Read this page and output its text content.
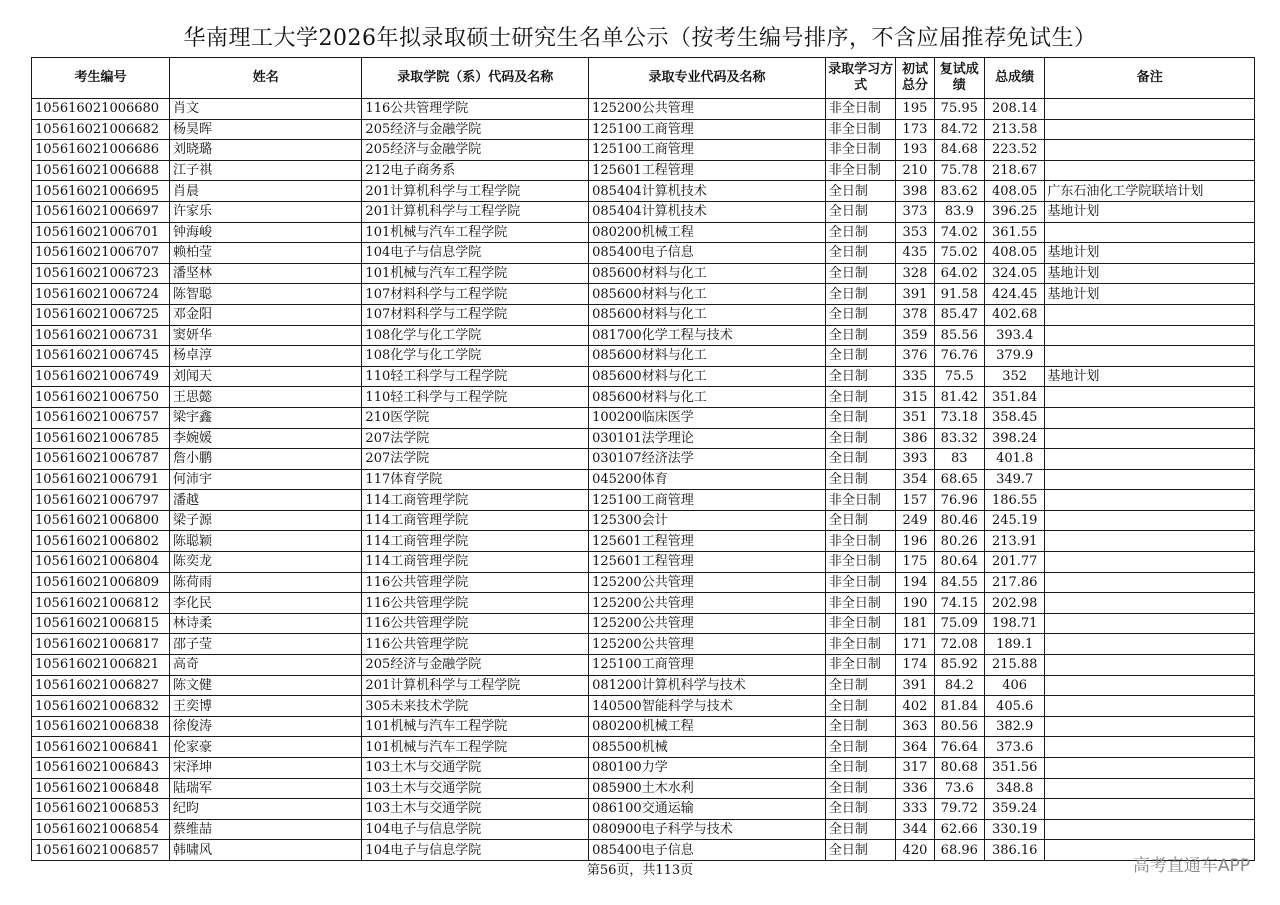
华南理工大学2026年拟录取硕士研究生名单公示（按考生编号排序，不含应届推荐免试生）
考生编号	姓名	录取学院（系）代码及名称	录取专业代码及名称	录取学习方式	初试总分	复试成绩	总成绩	备注
105616021006680	肖文	116公共管理学院	125200公共管理	非全日制	195	75.95	208.14	
105616021006682	杨昊晖	205经济与金融学院	125100工商管理	非全日制	173	84.72	213.58	
105616021006686	刘晓璐	205经济与金融学院	125100工商管理	非全日制	193	84.68	223.52	
105616021006688	江子祺	212电子商务系	125601工程管理	非全日制	210	75.78	218.67	
105616021006695	肖晨	201计算机科学与工程学院	085404计算机技术	全日制	398	83.62	408.05	广东石油化工学院联培计划
105616021006697	许家乐	201计算机科学与工程学院	085404计算机技术	全日制	373	83.9	396.25	基地计划
105616021006701	钟海峻	101机械与汽车工程学院	080200机械工程	全日制	353	74.02	361.55	
105616021006707	赖柏莹	104电子与信息学院	085400电子信息	全日制	435	75.02	408.05	基地计划
105616021006723	潘坚林	101机械与汽车工程学院	085600材料与化工	全日制	328	64.02	324.05	基地计划
105616021006724	陈智聪	107材料科学与工程学院	085600材料与化工	全日制	391	91.58	424.45	基地计划
105616021006725	邓金阳	107材料科学与工程学院	085600材料与化工	全日制	378	85.47	402.68	
105616021006731	窦妍华	108化学与化工学院	081700化学工程与技术	全日制	359	85.56	393.4	
105616021006745	杨卓淳	108化学与化工学院	085600材料与化工	全日制	376	76.76	379.9	
105616021006749	刘闻天	110轻工科学与工程学院	085600材料与化工	全日制	335	75.5	352	基地计划
105616021006750	王思懿	110轻工科学与工程学院	085600材料与化工	全日制	315	81.42	351.84	
105616021006757	梁宇鑫	210医学院	100200临床医学	全日制	351	73.18	358.45	
105616021006785	李婉媛	207法学院	030101法学理论	全日制	386	83.32	398.24	
105616021006787	詹小鹏	207法学院	030107经济法学	全日制	393	83	401.8	
105616021006791	何沛宇	117体育学院	045200体育	全日制	354	68.65	349.7	
105616021006797	潘越	114工商管理学院	125100工商管理	非全日制	157	76.96	186.55	
105616021006800	梁子源	114工商管理学院	125300会计	全日制	249	80.46	245.19	
105616021006802	陈聪颖	114工商管理学院	125601工程管理	非全日制	196	80.26	213.91	
105616021006804	陈奕龙	114工商管理学院	125601工程管理	非全日制	175	80.64	201.77	
105616021006809	陈荷雨	116公共管理学院	125200公共管理	非全日制	194	84.55	217.86	
105616021006812	李化民	116公共管理学院	125200公共管理	非全日制	190	74.15	202.98	
105616021006815	林诗柔	116公共管理学院	125200公共管理	非全日制	181	75.09	198.71	
105616021006817	邵子莹	116公共管理学院	125200公共管理	非全日制	171	72.08	189.1	
105616021006821	高奇	205经济与金融学院	125100工商管理	非全日制	174	85.92	215.88	
105616021006827	陈文健	201计算机科学与工程学院	081200计算机科学与技术	全日制	391	84.2	406	
105616021006832	王奕博	305未来技术学院	140500智能科学与技术	全日制	402	81.84	405.6	
105616021006838	徐俊涛	101机械与汽车工程学院	080200机械工程	全日制	363	80.56	382.9	
105616021006841	伦家豪	101机械与汽车工程学院	085500机械	全日制	364	76.64	373.6	
105616021006843	宋泽坤	103土木与交通学院	080100力学	全日制	317	80.68	351.56	
105616021006848	陆瑞军	103土木与交通学院	085900土木水利	全日制	336	73.6	348.8	
105616021006853	纪昀	103土木与交通学院	086100交通运输	全日制	333	79.72	359.24	
105616021006854	蔡维喆	104电子与信息学院	080900电子科学与技术	全日制	344	62.66	330.19	
105616021006857	韩啸风	104电子与信息学院	085400电子信息	全日制	420	68.96	386.16	
第56页，共113页	高考直通车APP
